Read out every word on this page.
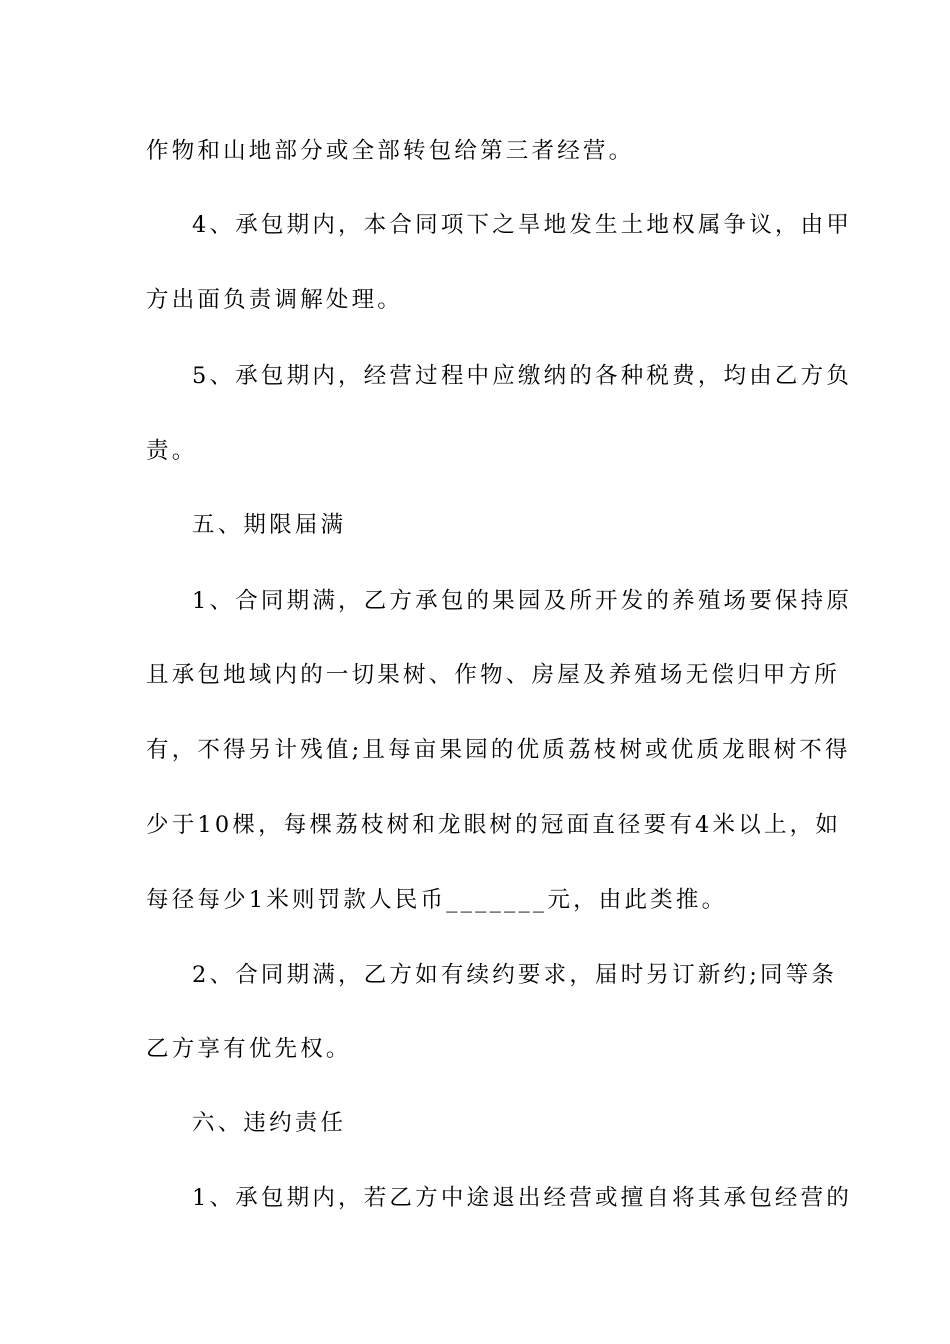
作物和山地部分或全部转包给第三者经营。
4、承包期内，本合同项下之旱地发生土地权属争议，由甲
方出面负责调解处理。
5、承包期内，经营过程中应缴纳的各种税费，均由乙方负
责。
五、期限届满
1、合同期满，乙方承包的果园及所开发的养殖场要保持原
且承包地域内的一切果树、作物、房屋及养殖场无偿归甲方所
有，不得另计残值;且每亩果园的优质荔枝树或优质龙眼树不得
少于10棵，每棵荔枝树和龙眼树的冠面直径要有4米以上，如
每径每少1米则罚款人民币_______元，由此类推。
2、合同期满，乙方如有续约要求，届时另订新约;同等条
乙方享有优先权。
六、违约责任
1、承包期内，若乙方中途退出经营或擅自将其承包经营的
